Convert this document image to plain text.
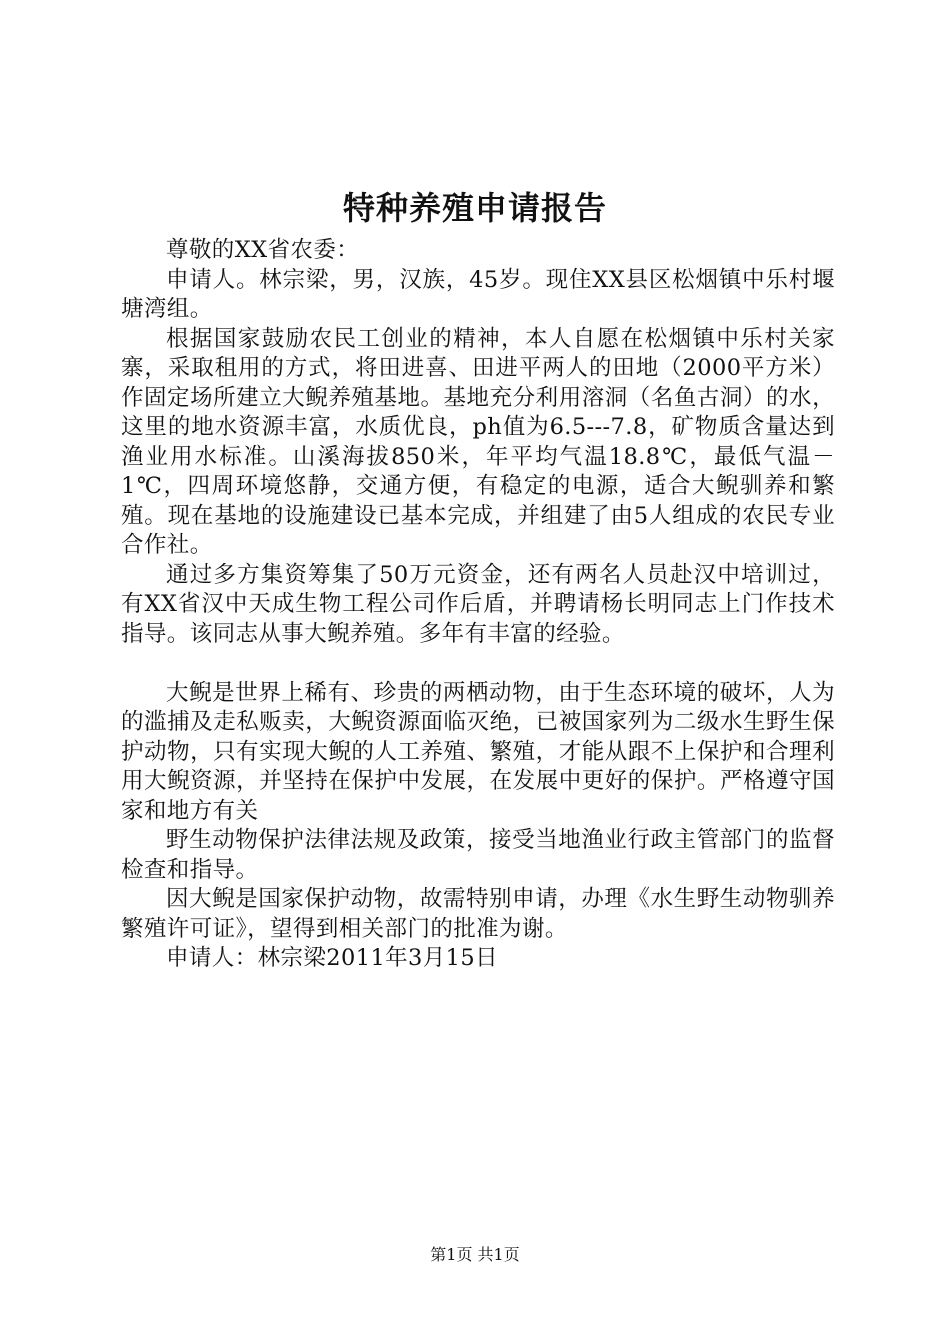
特种养殖申请报告

尊敬的XX省农委：

申请人。林宗梁，男，汉族，45岁。现住XX县区松烟镇中乐村堰塘湾组。

根据国家鼓励农民工创业的精神，本人自愿在松烟镇中乐村关家寨，采取租用的方式，将田进喜、田进平两人的田地（2000平方米）作固定场所建立大鲵养殖基地。基地充分利用溶洞（名鱼古洞）的水，这里的地水资源丰富，水质优良，ph值为6.5---7.8，矿物质含量达到渔业用水标准。山溪海拔850米，年平均气温18.8℃，最低气温－1℃，四周环境悠静，交通方便，有稳定的电源，适合大鲵驯养和繁殖。现在基地的设施建设已基本完成，并组建了由5人组成的农民专业合作社。

通过多方集资筹集了50万元资金，还有两名人员赴汉中培训过，有XX省汉中天成生物工程公司作后盾，并聘请杨长明同志上门作技术指导。该同志从事大鲵养殖。多年有丰富的经验。

大鲵是世界上稀有、珍贵的两栖动物，由于生态环境的破坏，人为的滥捕及走私贩卖，大鲵资源面临灭绝，已被国家列为二级水生野生保护动物，只有实现大鲵的人工养殖、繁殖，才能从跟不上保护和合理利用大鲵资源，并坚持在保护中发展，在发展中更好的保护。严格遵守国家和地方有关

野生动物保护法律法规及政策，接受当地渔业行政主管部门的监督检查和指导。

因大鲵是国家保护动物，故需特别申请，办理《水生野生动物驯养繁殖许可证》，望得到相关部门的批准为谢。

申请人：林宗梁2011年3月15日

第1页 共1页
